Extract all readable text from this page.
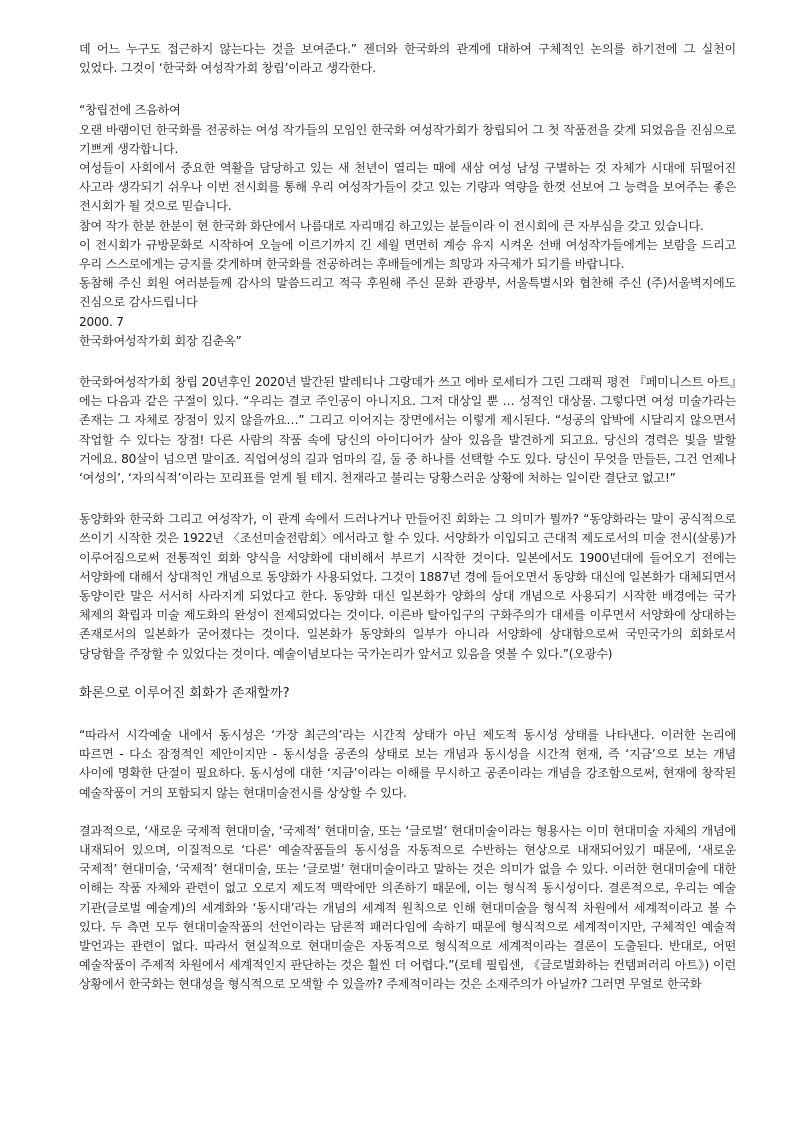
데 어느 누구도 접근하지 않는다는 것을 보여준다.” 젠더와 한국화의 관계에 대하여 구체적인 논의를 하기전에 그 실천이 있었다. 그것이 ‘한국화 여성작가회 창립’이라고 생각한다.

“창립전에 즈음하여

오랜 바램이던 한국화를 전공하는 여성 작가들의 모임인 한국화 여성작가회가 창립되어 그 첫 작품전을 갖게 되었음을 진심으로 기쁘게 생각합니다.

여성들이 사회에서 중요한 역활을 담당하고 있는 새 천년이 열리는 때에 새삼 여성 남성 구별하는 것 자체가 시대에 뒤떨어진 사고라 생각되기 쉬우나 이번 전시회를 통해 우리 여성작가들이 갖고 있는 기량과 역량을 한껏 선보여 그 능력을 보여주는 좋은 전시회가 될 것으로 믿습니다.

참여 작가 한분 한분이 현 한국화 화단에서 나름대로 자리매김 하고있는 분들이라 이 전시회에 큰 자부심을 갖고 있습니다.

이 전시회가 규방문화로 시작하여 오늘에 이르기까지 긴 세월 면면히 계승 유지 시켜온 선배 여성작가들에게는 보람을 드리고 우리 스스로에게는 긍지를 갖게하며 한국화를 전공하려는 후배들에게는 희망과 자극제가 되기를 바랍니다.

동참해 주신 회원 여러분들께 감사의 말씀드리고 적극 후원해 주신 문화 관광부, 서울특별시와 협찬해 주신 (주)서울벽지에도 진심으로 감사드립니다

2000. 7

한국화여성작가회 회장 김춘옥”

한국화여성작가회 창립 20년후인 2020년 발간된 발레티나 그랑데가 쓰고 에바 로세티가 그린 그래픽 평전 『페미니스트 아트』에는 다음과 같은 구절이 있다. “우리는 결코 주인공이 아니지요. 그저 대상일 뿐 … 성적인 대상물. 그렇다면 여성 미술가라는 존재는 그 자체로 장점이 있지 않을까요…” 그리고 이어지는 장면에서는 이렇게 제시된다. “성공의 압박에 시달리지 않으면서 작업할 수 있다는 장점! 다른 사람의 작품 속에 당신의 아이디어가 살아 있음을 발견하게 되고요. 당신의 경력은 빛을 발할 거에요. 80살이 넘으면 말이죠. 직업여성의 길과 엄마의 길, 둘 중 하나를 선택할 수도 있다. 당신이 무엇을 만들든, 그건 언제나 ‘여성의’, ‘자의식적’이라는 꼬리표를 얻게 될 테지. 천재라고 불리는 당황스러운 상황에 처하는 일이란 결단코 없고!”

동양화와 한국화 그리고 여성작가, 이 관계 속에서 드러나거나 만들어진 회화는 그 의미가 뭘까? “동양화라는 말이 공식적으로 쓰이기 시작한 것은 1922년 〈조선미술전람회〉에서라고 할 수 있다. 서양화가 이입되고 근대적 제도로서의 미술 전시(살롱)가 이루어짐으로써 전통적인 회화 양식을 서양화에 대비해서 부르기 시작한 것이다. 일본에서도 1900년대에 들어오기 전에는 서양화에 대해서 상대적인 개념으로 동양화가 사용되었다. 그것이 1887년 경에 들어오면서 동양화 대신에 일본화가 대체되면서 동양이란 말은 서서히 사라지게 되었다고 한다. 동양화 대신 일본화가 양화의 상대 개념으로 사용되기 시작한 배경에는 국가 체제의 확립과 미술 제도화의 완성이 전제되었다는 것이다. 이른바 탈아입구의 구화주의가 대세를 이루면서 서양화에 상대하는 존재로서의 일본화가 굳어졌다는 것이다. 일본화가 동양화의 일부가 아니라 서양화에 상대함으로써 국민국가의 회화로서 당당함을 주장할 수 있었다는 것이다. 예술이념보다는 국가논리가 앞서고 있음을 엿볼 수 있다.”(오광수)

화론으로 이루어진 회화가 존재할까?

“따라서 시각예술 내에서 동시성은 ‘가장 최근의’라는 시간적 상태가 아닌 제도적 동시성 상태를 나타낸다. 이러한 논리에 따르면 - 다소 잠정적인 제안이지만 - 동시성을 공존의 상태로 보는 개념과 동시성을 시간적 현재, 즉 ‘지금’으로 보는 개념 사이에 명확한 단절이 필요하다. 동시성에 대한 ‘지금’이라는 이해를 무시하고 공존이라는 개념을 강조함으로써, 현재에 창작된 예술작품이 거의 포함되지 않는 현대미술전시를 상상할 수 있다.

결과적으로, ‘새로운 국제적 현대미술, ‘국제적’ 현대미술, 또는 ‘글로벌’ 현대미술이라는 형용사는 이미 현대미술 자체의 개념에 내재되어 있으며, 이질적으로 ‘다른’ 예술작품들의 동시성을 자동적으로 수반하는 현상으로 내재되어있기 때문에, ‘새로운 국제적’ 현대미술, ‘국제적’ 현대미술, 또는 ‘글로벌’ 현대미술이라고 말하는 것은 의미가 없을 수 있다. 이러한 현대미술에 대한 이해는 작품 자체와 관련이 없고 오로지 제도적 맥락에만 의존하기 때문에, 이는 형식적 동시성이다. 결론적으로, 우리는 예술 기관(글로벌 예술계)의 세계화와 ‘동시대’라는 개념의 세계적 원칙으로 인해 현대미술을 형식적 차원에서 세계적이라고 볼 수 있다. 두 측면 모두 현대미술작품의 선언이라는 담론적 패러다임에 속하기 때문에 형식적으로 세계적이지만, 구체적인 예술적 발언과는 관련이 없다. 따라서 현실적으로 현대미술은 자동적으로 형식적으로 세계적이라는 결론이 도출된다. 반대로, 어떤 예술작품이 주제적 차원에서 세계적인지 판단하는 것은 훨씬 더 어렵다.”(로테 필립센, 《글로벌화하는 컨템퍼러리 아트》) 이런 상황에서 한국화는 현대성을 형식적으로 모색할 수 있을까? 주제적이라는 것은 소재주의가 아닐까? 그러면 무얼로 한국화
